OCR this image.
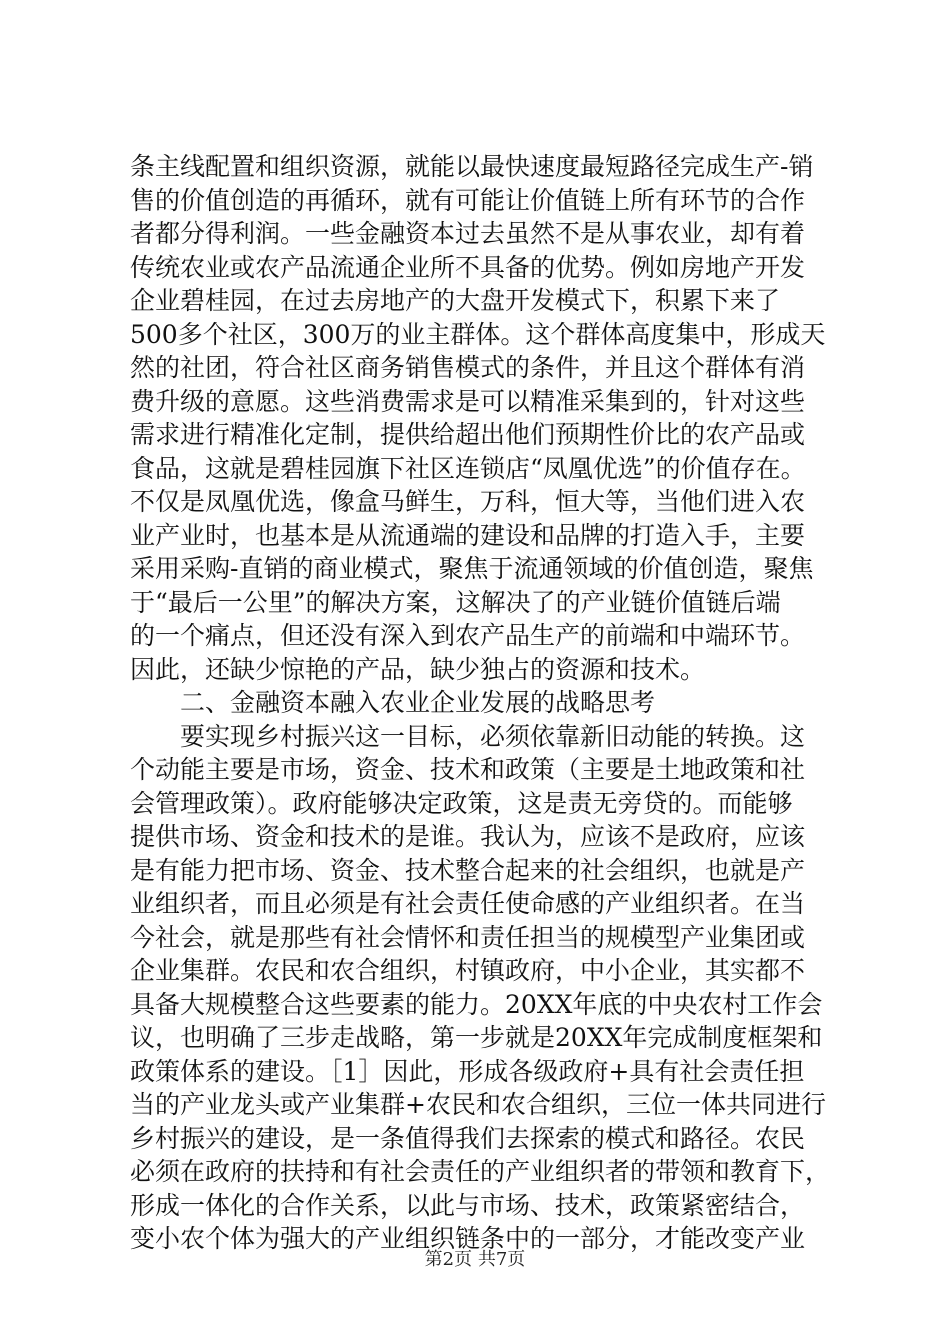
条主线配置和组织资源，就能以最快速度最短路径完成生产-销
售的价值创造的再循环，就有可能让价值链上所有环节的合作
者都分得利润。一些金融资本过去虽然不是从事农业，却有着
传统农业或农产品流通企业所不具备的优势。例如房地产开发
企业碧桂园，在过去房地产的大盘开发模式下，积累下来了
500多个社区，300万的业主群体。这个群体高度集中，形成天
然的社团，符合社区商务销售模式的条件，并且这个群体有消
费升级的意愿。这些消费需求是可以精准采集到的，针对这些
需求进行精准化定制，提供给超出他们预期性价比的农产品或
食品，这就是碧桂园旗下社区连锁店“凤凰优选”的价值存在。
不仅是凤凰优选，像盒马鲜生，万科，恒大等，当他们进入农
业产业时，也基本是从流通端的建设和品牌的打造入手，主要
采用采购-直销的商业模式，聚焦于流通领域的价值创造，聚焦
于“最后一公里”的解决方案，这解决了的产业链价值链后端
的一个痛点，但还没有深入到农产品生产的前端和中端环节。
因此，还缺少惊艳的产品，缺少独占的资源和技术。
　　二、金融资本融入农业企业发展的战略思考
　　要实现乡村振兴这一目标，必须依靠新旧动能的转换。这
个动能主要是市场，资金、技术和政策（主要是土地政策和社
会管理政策）。政府能够决定政策，这是责无旁贷的。而能够
提供市场、资金和技术的是谁。我认为，应该不是政府，应该
是有能力把市场、资金、技术整合起来的社会组织，也就是产
业组织者，而且必须是有社会责任使命感的产业组织者。在当
今社会，就是那些有社会情怀和责任担当的规模型产业集团或
企业集群。农民和农合组织，村镇政府，中小企业，其实都不
具备大规模整合这些要素的能力。20XX年底的中央农村工作会
议，也明确了三步走战略，第一步就是20XX年完成制度框架和
政策体系的建设。［1］因此，形成各级政府+具有社会责任担
当的产业龙头或产业集群+农民和农合组织，三位一体共同进行
乡村振兴的建设，是一条值得我们去探索的模式和路径。农民
必须在政府的扶持和有社会责任的产业组织者的带领和教育下，
形成一体化的合作关系，以此与市场、技术，政策紧密结合，
变小农个体为强大的产业组织链条中的一部分，才能改变产业
第2页 共7页
